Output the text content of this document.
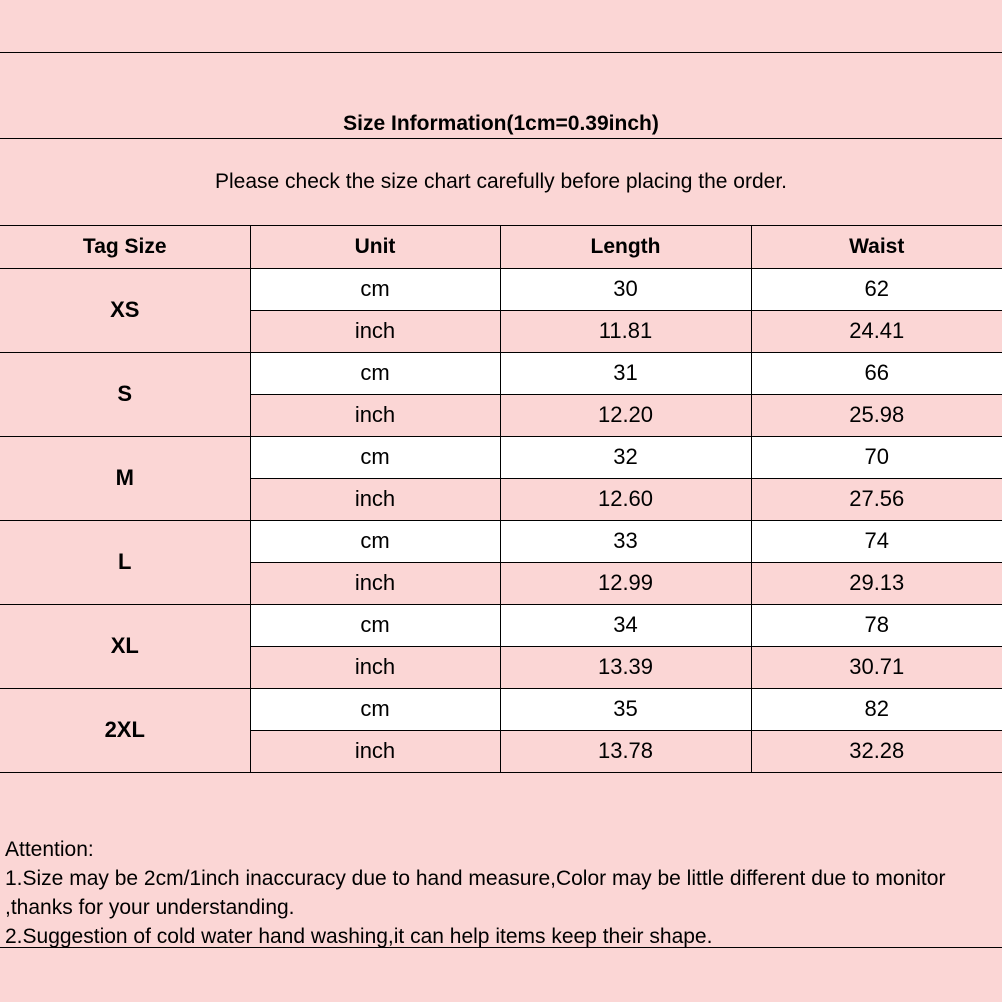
Size Information(1cm=0.39inch)
Please check the size chart carefully before placing the order.
Tag Size	Unit	Length	Waist
XS	cm	30	62
	inch	11.81	24.41
S	cm	31	66
	inch	12.20	25.98
M	cm	32	70
	inch	12.60	27.56
L	cm	33	74
	inch	12.99	29.13
XL	cm	34	78
	inch	13.39	30.71
2XL	cm	35	82
	inch	13.78	32.28
Attention:
1.Size may be 2cm/1inch inaccuracy due to hand measure,Color may be little different due to monitor ,thanks for your understanding.
2.Suggestion of cold water hand washing,it can help items keep their shape.
